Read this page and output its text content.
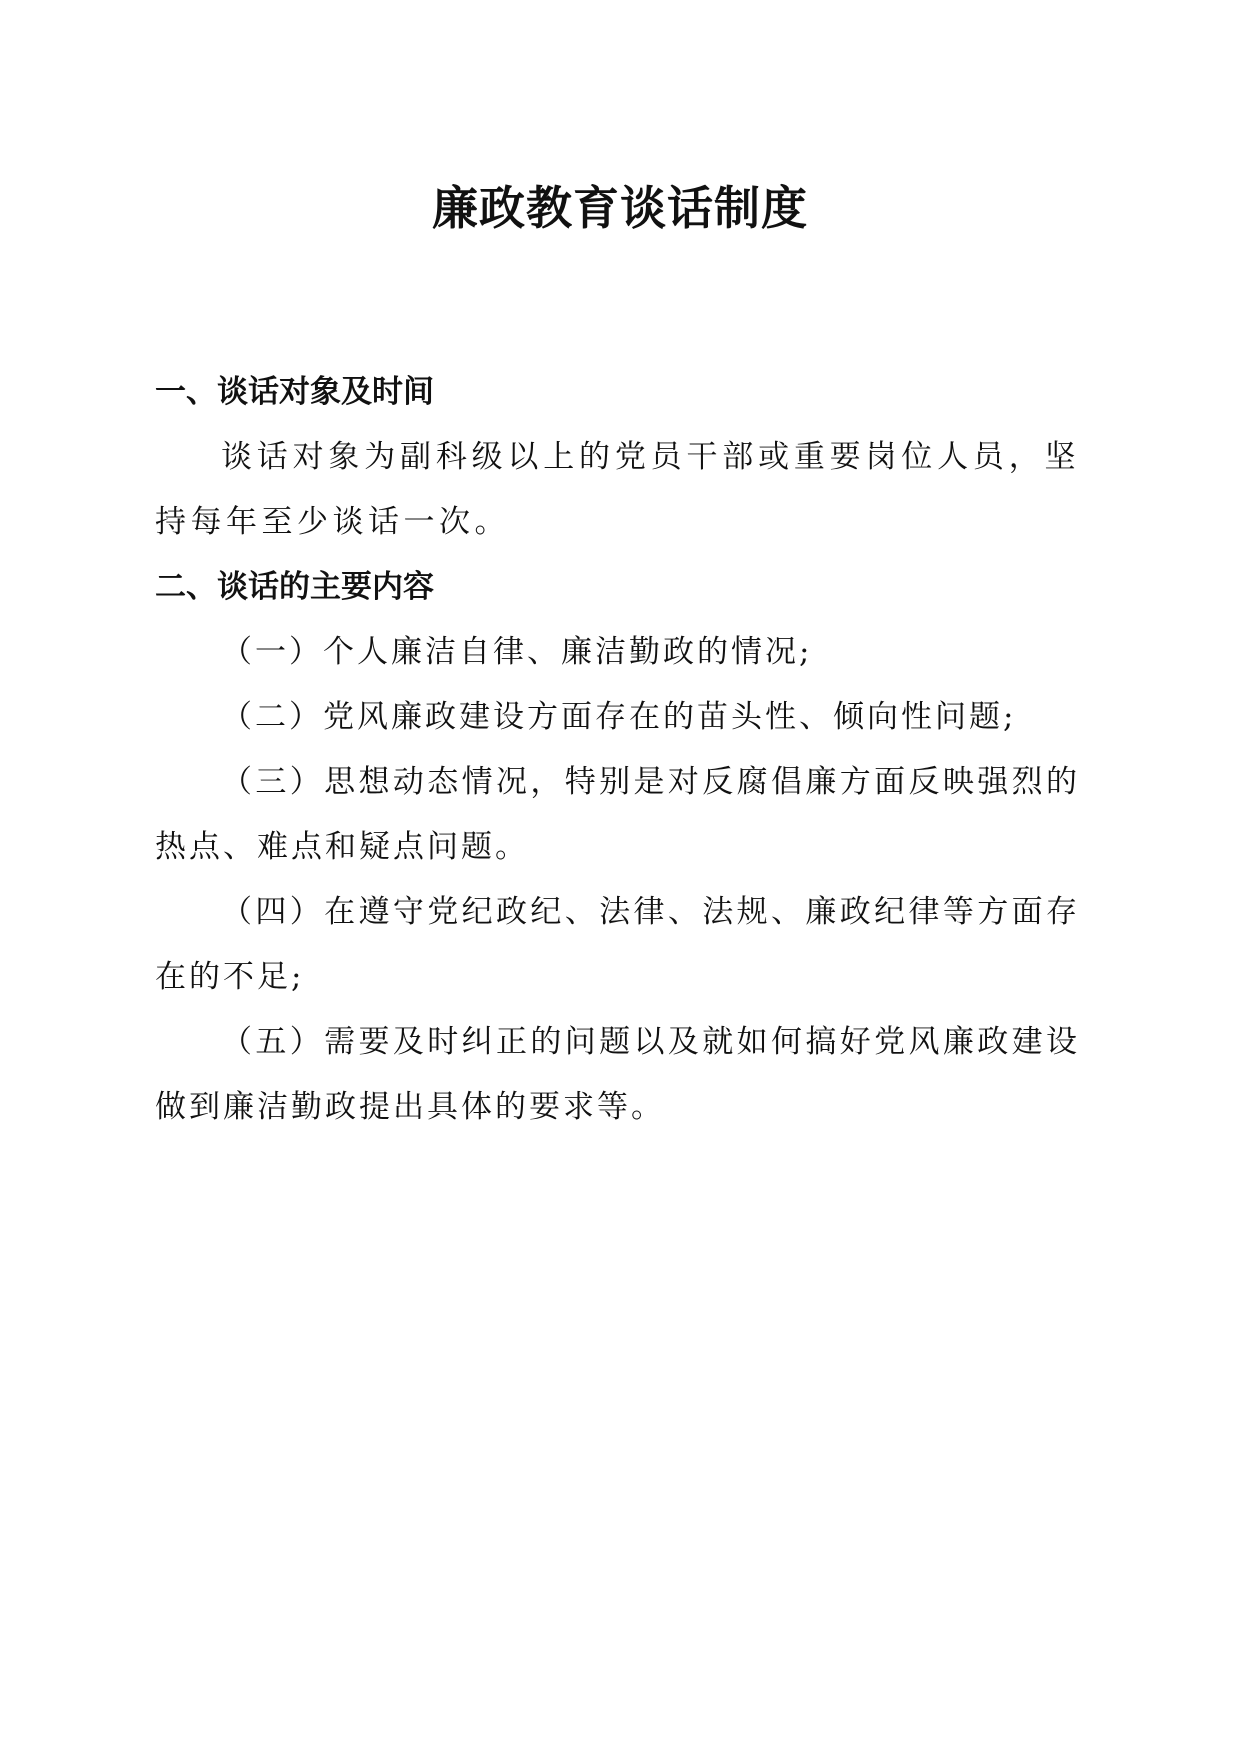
廉政教育谈话制度
一、谈话对象及时间

谈话对象为副科级以上的党员干部或重要岗位人员，坚持每年至少谈话一次。

二、谈话的主要内容

（一）个人廉洁自律、廉洁勤政的情况;

（二）党风廉政建设方面存在的苗头性、倾向性问题;

（三）思想动态情况，特别是对反腐倡廉方面反映强烈的热点、难点和疑点问题。

（四）在遵守党纪政纪、法律、法规、廉政纪律等方面存在的不足;

（五）需要及时纠正的问题以及就如何搞好党风廉政建设做到廉洁勤政提出具体的要求等。
